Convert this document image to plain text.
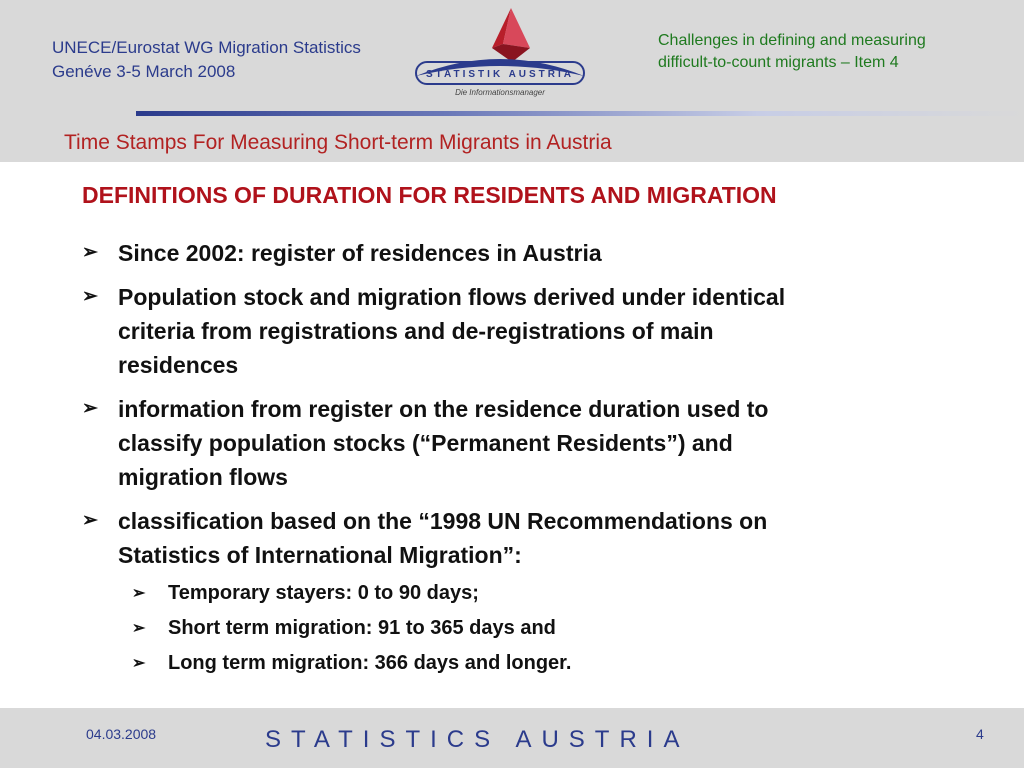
UNECE/Eurostat WG Migration Statistics
Genéve 3-5 March 2008	STATISTIK AUSTRIA
Die Informationsmanager
Challenges in defining and measuring
difficult-to-count migrants – Item 4
Time Stamps For Measuring Short-term Migrants in Austria
DEFINITIONS OF DURATION FOR RESIDENTS AND MIGRATION
➢ Since 2002: register of residences in Austria
➢ Population stock and migration flows derived under identical
criteria from registrations and de-registrations of main
residences
➢ information from register on the residence duration used to
classify population stocks (“Permanent Residents”) and
migration flows
➢ classification based on the “1998 UN Recommendations on
Statistics of International Migration”:
➢ Temporary stayers: 0 to 90 days;
➢ Short term migration: 91 to 365 days and
➢ Long term migration: 366 days and longer.
04.03.2008	STATISTICS AUSTRIA	4
